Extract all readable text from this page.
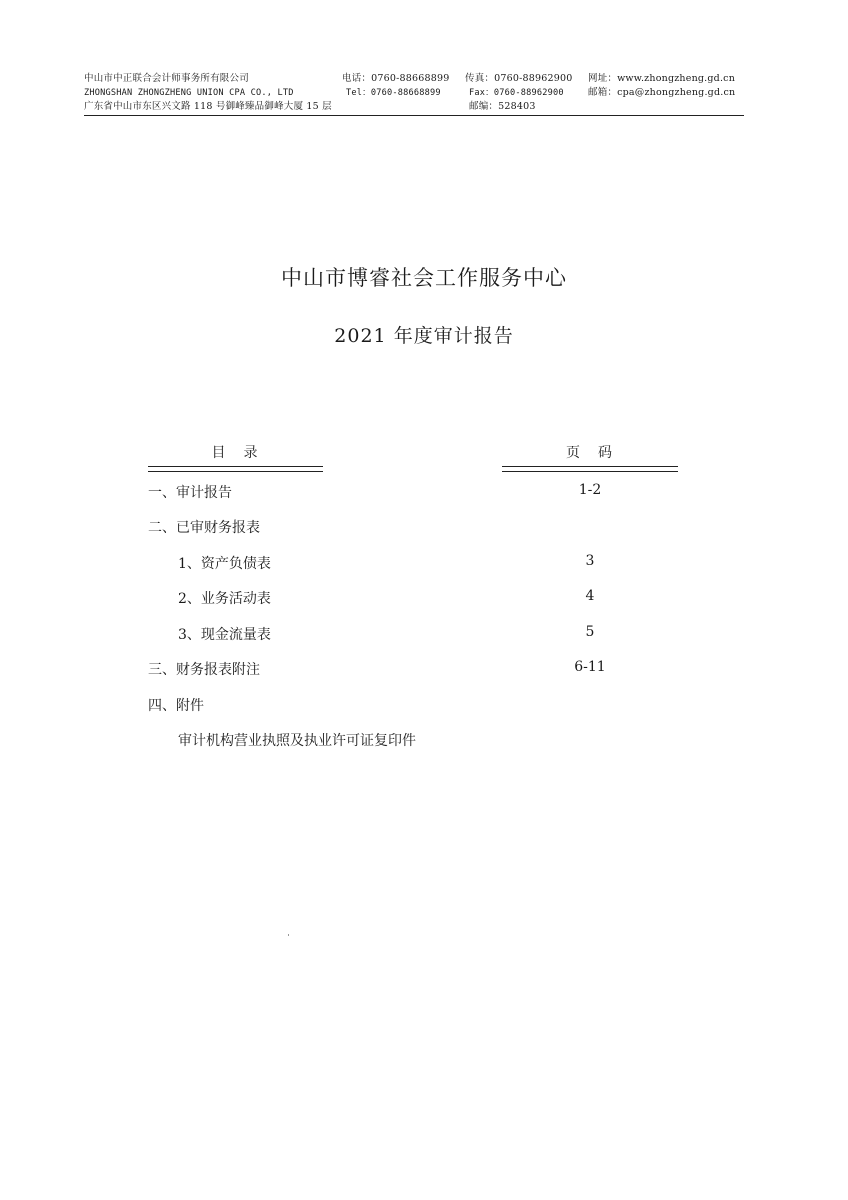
中山市中正联合会计师事务所有限公司
ZHONGSHAN ZHONGZHENG UNION CPA CO., LTD
广东省中山市东区兴文路 118 号御峰臻品御峰大厦 15 层
电话：0760-88668899
Tel：0760-88668899
传真：0760-88962900
Fax：0760-88962900
邮编：528403
网址：www.zhongzheng.gd.cn
邮箱：cpa@zhongzheng.gd.cn
中山市博睿社会工作服务中心
2021 年度审计报告
目　录	页　码
一、审计报告	1-2
二、已审财务报表
1、资产负债表	3
2、业务活动表	4
3、现金流量表	5
三、财务报表附注	6-11
四、附件
审计机构营业执照及执业许可证复印件
